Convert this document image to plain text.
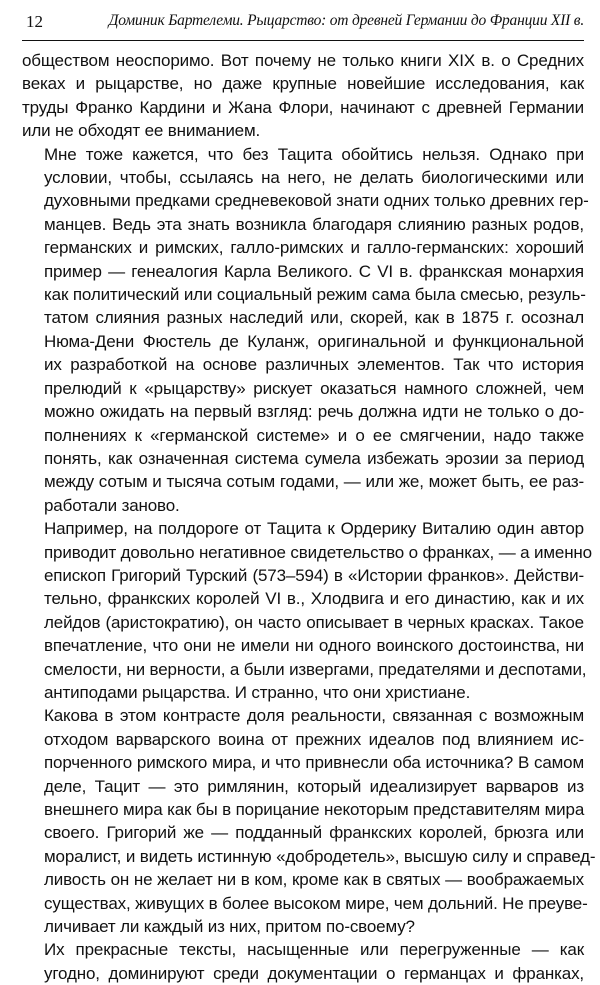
12	Доминик Бартелеми. Рыцарство: от древней Германии до Франции XII в.

обществом неоспоримо. Вот почему не только книги XIX в. о Средних
веках и рыцарстве, но даже крупные новейшие исследования, как
труды Франко Кардини и Жана Флори, начинают с древней Германии
или не обходят ее вниманием.

Мне тоже кажется, что без Тацита обойтись нельзя. Однако при
условии, чтобы, ссылаясь на него, не делать биологическими или
духовными предками средневековой знати одних только древних гер-
манцев. Ведь эта знать возникла благодаря слиянию разных родов,
германских и римских, галло-римских и галло-германских: хороший
пример — генеалогия Карла Великого. С VI в. франкская монархия
как политический или социальный режим сама была смесью, резуль-
татом слияния разных наследий или, скорей, как в 1875 г. осознал
Нюма-Дени Фюстель де Куланж, оригинальной и функциональной
их разработкой на основе различных элементов. Так что история
прелюдий к «рыцарству» рискует оказаться намного сложней, чем
можно ожидать на первый взгляд: речь должна идти не только о до-
полнениях к «германской системе» и о ее смягчении, надо также
понять, как означенная система сумела избежать эрозии за период
между сотым и тысяча сотым годами, — или же, может быть, ее раз-
работали заново.

Например, на полдороге от Тацита к Ордерику Виталию один автор
приводит довольно негативное свидетельство о франках, — а именно
епископ Григорий Турский (573–594) в «Истории франков». Действи-
тельно, франкских королей VI в., Хлодвига и его династию, как и их
лейдов (аристократию), он часто описывает в черных красках. Такое
впечатление, что они не имели ни одного воинского достоинства, ни
смелости, ни верности, а были извергами, предателями и деспотами,
антиподами рыцарства. И странно, что они христиане.

Какова в этом контрасте доля реальности, связанная с возможным
отходом варварского воина от прежних идеалов под влиянием ис-
порченного римского мира, и что привнесли оба источника? В самом
деле, Тацит — это римлянин, который идеализирует варваров из
внешнего мира как бы в порицание некоторым представителям мира
своего. Григорий же — подданный франкских королей, брюзга или
моралист, и видеть истинную «добродетель», высшую силу и справед-
ливость он не желает ни в ком, кроме как в святых — воображаемых
существах, живущих в более высоком мире, чем дольний. Не преуве-
личивает ли каждый из них, притом по-своему?

Их прекрасные тексты, насыщенные или перегруженные — как
угодно, доминируют среди документации о германцах и франках,
